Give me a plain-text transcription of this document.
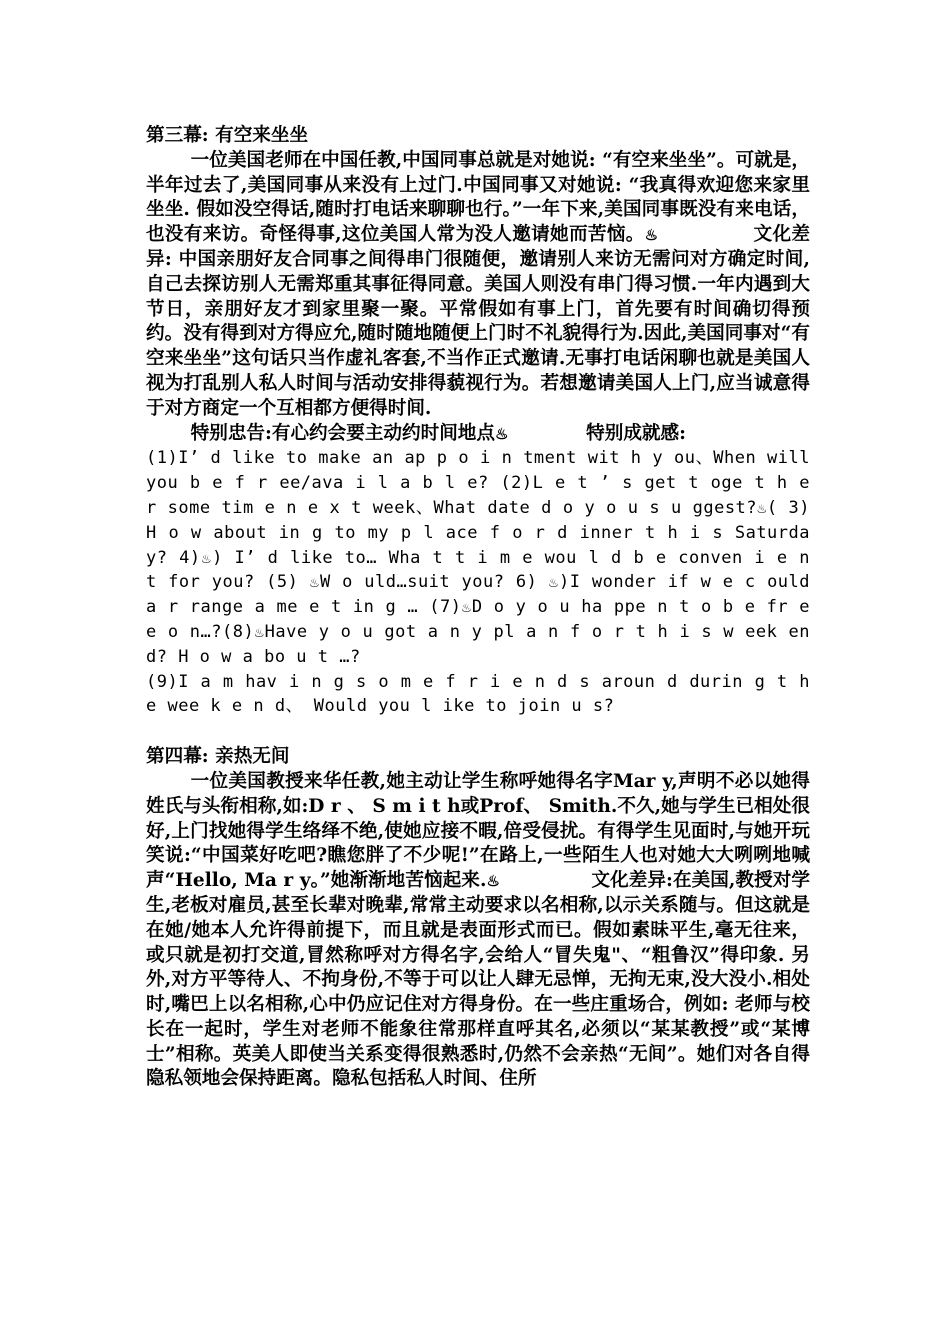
第三幕: 有空来坐坐

一位美国老师在中国任教,中国同事总就是对她说: “有空来坐坐”。可就是，半年过去了,美国同事从来没有上过门.中国同事又对她说: “我真得欢迎您来家里坐坐. 假如没空得话,随时打电话来聊聊也行。”一年下来,美国同事既没有来电话，也没有来访。奇怪得事,这位美国人常为没人邀请她而苦恼。♨	文化差异: 中国亲朋好友合同事之间得串门很随便，邀请别人来访无需问对方确定时间,自己去探访别人无需郑重其事征得同意。美国人则没有串门得习惯.一年内遇到大节日，亲朋好友才到家里聚一聚。平常假如有事上门，首先要有时间确切得预约。没有得到对方得应允,随时随地随便上门时不礼貌得行为.因此,美国同事对“有空来坐坐”这句话只当作虚礼客套,不当作正式邀请.无事打电话闲聊也就是美国人视为打乱别人私人时间与活动安排得藐视行为。若想邀请美国人上门,应当诚意得于对方商定一个互相都方便得时间.

特别忠告:有心约会要主动约时间地点♨	特别成就感:

(1)I’ d like to make an ap p o i n tment wit h y ou、When will you b e f r ee/ava i l a b l e? (2)L e t ’ s get t oge t h e r some tim e n e x t week、What date d o y o u s u ggest?♨( 3)H o w about in g to my p l ace f o r d inner t h i s Saturday? 4)♨) I’ d like to… Wha t t i m e wou l d b e conven i e n t for you? (5) ♨W o uld…suit you? 6) ♨)I wonder if w e c ould a r range a me e t in g … (7)♨D o y o u ha ppe n t o b e fr e e o n…?(8)♨Have y o u got a n y pl a n f o r t h i s w eek end? H o w a bo u t …?
(9)I a m hav i n g s o m e f r i e n d s aroun d durin g t h e wee k e n d、 Would you l ike to join u s?

第四幕: 亲热无间

一位美国教授来华任教,她主动让学生称呼她得名字Mar y,声明不必以她得姓氏与头衔相称,如:D r 、 S m i t h或Prof、 Smith.不久,她与学生已相处很好,上门找她得学生络绎不绝,使她应接不暇,倍受侵扰。有得学生见面时,与她开玩笑说:“中国菜好吃吧?瞧您胖了不少呢!”在路上,一些陌生人也对她大大咧咧地喊声“Hello, Ma r y。”她渐渐地苦恼起来.♨	文化差异:在美国,教授对学生,老板对雇员,甚至长辈对晚辈,常常主动要求以名相称,以示关系随与。但这就是在她/她本人允许得前提下，而且就是表面形式而已。假如素昧平生,毫无往来，或只就是初打交道,冒然称呼对方得名字,会给人“冒失鬼"、“粗鲁汉”得印象. 另外,对方平等待人、不拘身份,不等于可以让人肆无忌惮，无拘无束,没大没小.相处时,嘴巴上以名相称,心中仍应记住对方得身份。在一些庄重场合，例如: 老师与校长在一起时，学生对老师不能象往常那样直呼其名,必须以“某某教授”或“某博士”相称。英美人即使当关系变得很熟悉时,仍然不会亲热“无间”。她们对各自得隐私领地会保持距离。隐私包括私人时间、住所
